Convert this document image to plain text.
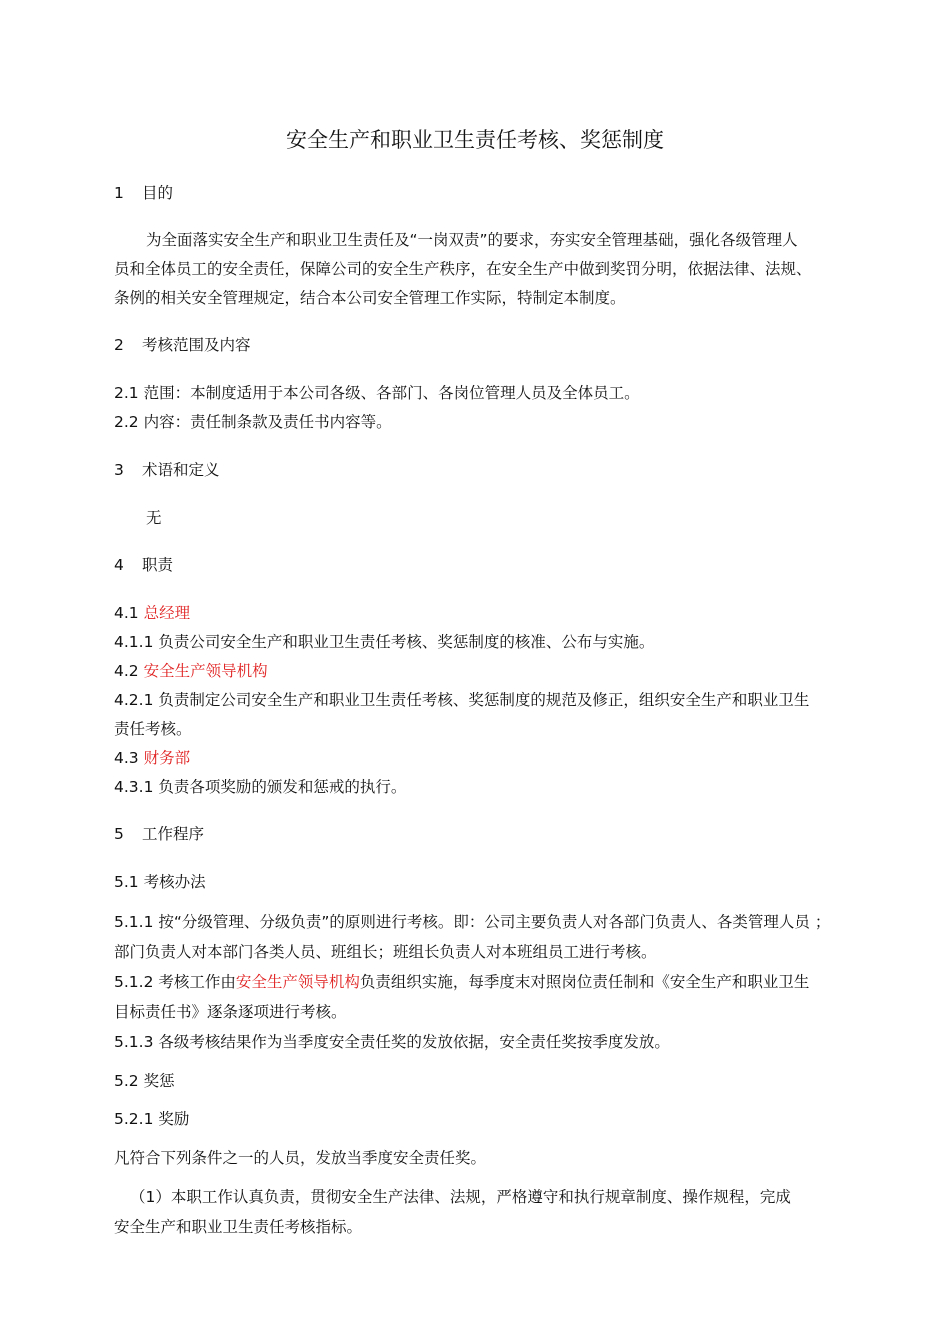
安全生产和职业卫生责任考核、奖惩制度
1 目的
为全面落实安全生产和职业卫生责任及“一岗双责”的要求，夯实安全管理基础，强化各级管理人
员和全体员工的安全责任，保障公司的安全生产秩序，在安全生产中做到奖罚分明，依据法律、法规、
条例的相关安全管理规定，结合本公司安全管理工作实际，特制定本制度。
2 考核范围及内容
2.1 范围：本制度适用于本公司各级、各部门、各岗位管理人员及全体员工。
2.2 内容：责任制条款及责任书内容等。
3 术语和定义
无
4 职责
4.1 总经理
4.1.1 负责公司安全生产和职业卫生责任考核、奖惩制度的核准、公布与实施。
4.2 安全生产领导机构
4.2.1 负责制定公司安全生产和职业卫生责任考核、奖惩制度的规范及修正，组织安全生产和职业卫生
责任考核。
4.3 财务部
4.3.1 负责各项奖励的颁发和惩戒的执行。
5 工作程序
5.1 考核办法
5.1.1 按“分级管理、分级负责”的原则进行考核。即：公司主要负责人对各部门负责人、各类管理人员 ；
部门负责人对本部门各类人员、班组长；班组长负责人对本班组员工进行考核。
5.1.2 考核工作由安全生产领导机构负责组织实施，每季度末对照岗位责任制和《安全生产和职业卫生
目标责任书》逐条逐项进行考核。
5.1.3 各级考核结果作为当季度安全责任奖的发放依据，安全责任奖按季度发放。
5.2 奖惩
5.2.1 奖励
凡符合下列条件之一的人员，发放当季度安全责任奖。
（1）本职工作认真负责，贯彻安全生产法律、法规，严格遵守和执行规章制度、操作规程，完成
安全生产和职业卫生责任考核指标。
